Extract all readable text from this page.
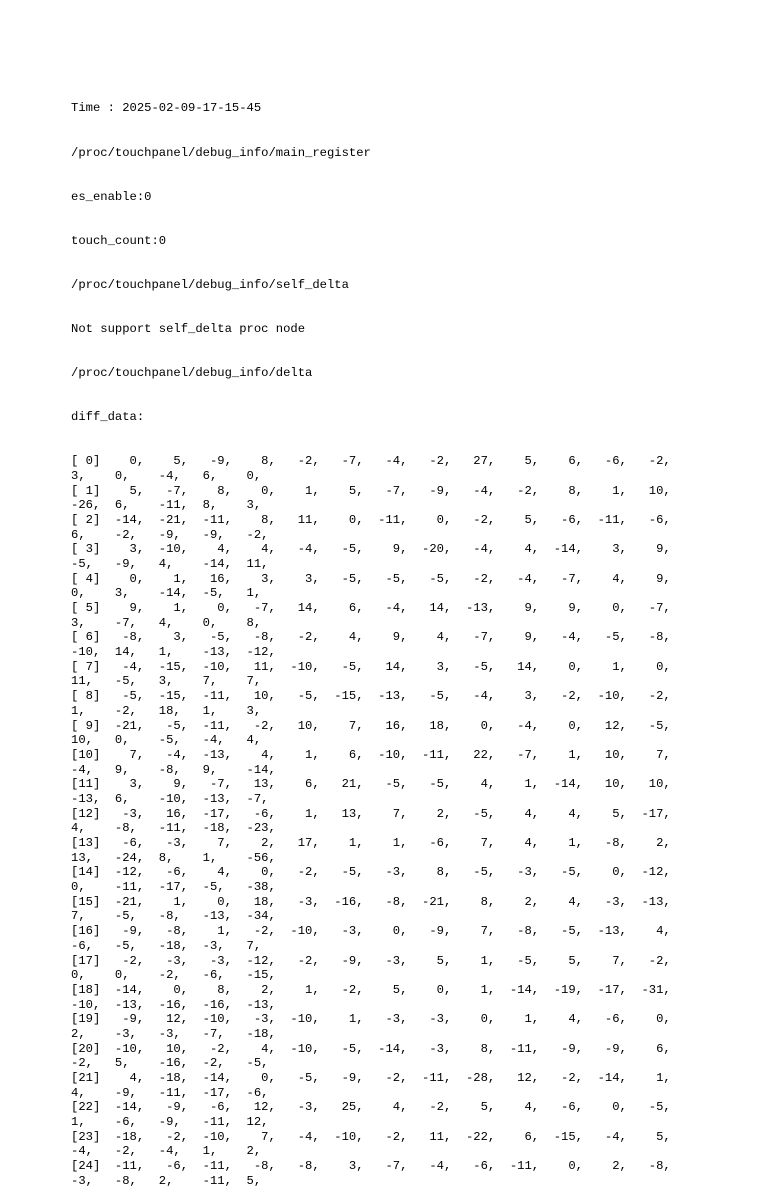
Time : 2025-02-09-17-15-45

/proc/touchpanel/debug_info/main_register

es_enable:0

touch_count:0

/proc/touchpanel/debug_info/self_delta

Not support self_delta proc node

/proc/touchpanel/debug_info/delta

diff_data:

[ 0]    0,    5,   -9,    8,   -2,   -7,   -4,   -2,   27,    5,    6,   -6,   -2,
3,    0,    -4,   6,    0,
[ 1]    5,   -7,    8,    0,    1,    5,   -7,   -9,   -4,   -2,    8,    1,   10,
-26,  6,    -11,  8,    3,
[ 2]  -14,  -21,  -11,    8,   11,    0,  -11,    0,   -2,    5,   -6,  -11,   -6,
6,    -2,   -9,   -9,   -2,
[ 3]    3,  -10,    4,    4,   -4,   -5,    9,  -20,   -4,    4,  -14,    3,    9,
-5,   -9,   4,    -14,  11,
[ 4]    0,    1,   16,    3,    3,   -5,   -5,   -5,   -2,   -4,   -7,    4,    9,
0,    3,    -14,  -5,   1,
[ 5]    9,    1,    0,   -7,   14,    6,   -4,   14,  -13,    9,    9,    0,   -7,
3,    -7,   4,    0,    8,
[ 6]   -8,    3,   -5,   -8,   -2,    4,    9,    4,   -7,    9,   -4,   -5,   -8,
-10,  14,   1,    -13,  -12,
[ 7]   -4,  -15,  -10,   11,  -10,   -5,   14,    3,   -5,   14,    0,    1,    0,
11,   -5,   3,    7,    7,
[ 8]   -5,  -15,  -11,   10,   -5,  -15,  -13,   -5,   -4,    3,   -2,  -10,   -2,
1,    -2,   18,   1,    3,
[ 9]  -21,   -5,  -11,   -2,   10,    7,   16,   18,    0,   -4,    0,   12,   -5,
10,   0,    -5,   -4,   4,
[10]    7,   -4,  -13,    4,    1,    6,  -10,  -11,   22,   -7,    1,   10,    7,
-4,   9,    -8,   9,    -14,
[11]    3,    9,   -7,   13,    6,   21,   -5,   -5,    4,    1,  -14,   10,   10,
-13,  6,    -10,  -13,  -7,
[12]   -3,   16,  -17,   -6,    1,   13,    7,    2,   -5,    4,    4,    5,  -17,
4,    -8,   -11,  -18,  -23,
[13]   -6,   -3,    7,    2,   17,    1,    1,   -6,    7,    4,    1,   -8,    2,
13,   -24,  8,    1,    -56,
[14]  -12,   -6,    4,    0,   -2,   -5,   -3,    8,   -5,   -3,   -5,    0,  -12,
0,    -11,  -17,  -5,   -38,
[15]  -21,    1,    0,   18,   -3,  -16,   -8,  -21,    8,    2,    4,   -3,  -13,
7,    -5,   -8,   -13,  -34,
[16]   -9,   -8,    1,   -2,  -10,   -3,    0,   -9,    7,   -8,   -5,  -13,    4,
-6,   -5,   -18,  -3,   7,
[17]   -2,   -3,   -3,  -12,   -2,   -9,   -3,    5,    1,   -5,    5,    7,   -2,
0,    0,    -2,   -6,   -15,
[18]  -14,    0,    8,    2,    1,   -2,    5,    0,    1,  -14,  -19,  -17,  -31,
-10,  -13,  -16,  -16,  -13,
[19]   -9,   12,  -10,   -3,  -10,    1,   -3,   -3,    0,    1,    4,   -6,    0,
2,    -3,   -3,   -7,   -18,
[20]  -10,   10,   -2,    4,  -10,   -5,  -14,   -3,    8,  -11,   -9,   -9,    6,
-2,   5,    -16,  -2,   -5,
[21]    4,  -18,  -14,    0,   -5,   -9,   -2,  -11,  -28,   12,   -2,  -14,    1,
4,    -9,   -11,  -17,  -6,
[22]  -14,   -9,   -6,   12,   -3,   25,    4,   -2,    5,    4,   -6,    0,   -5,
1,    -6,   -9,   -11,  12,
[23]  -18,   -2,  -10,    7,   -4,  -10,   -2,   11,  -22,    6,  -15,   -4,    5,
-4,   -2,   -4,   1,    2,
[24]  -11,   -6,  -11,   -8,   -8,    3,   -7,   -4,   -6,  -11,    0,    2,   -8,
-3,   -8,   2,    -11,  5,
